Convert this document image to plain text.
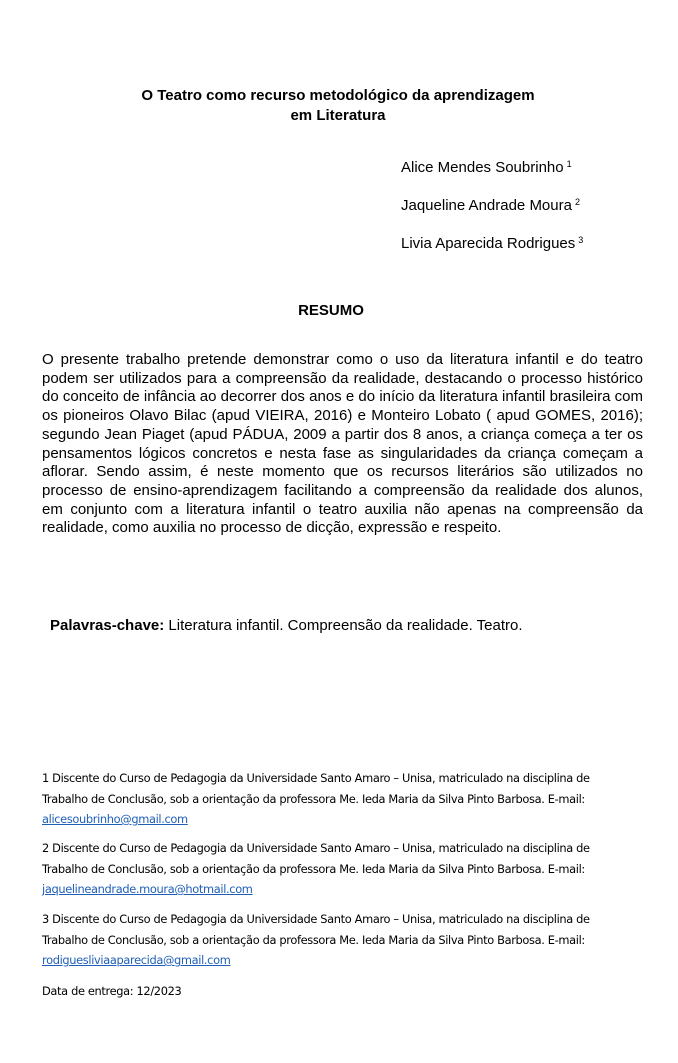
O Teatro como recurso metodológico da aprendizagem
em Literatura
Alice Mendes Soubrinho $^1$
Jaqueline Andrade Moura $^2$
Livia Aparecida Rodrigues $^3$
RESUMO

O presente trabalho pretende demonstrar como o uso da literatura infantil e do teatro podem ser utilizados para a compreensão da realidade, destacando o processo histórico do conceito de infância ao decorrer dos anos e do início da literatura infantil brasileira com os pioneiros Olavo Bilac (apud VIEIRA, 2016) e Monteiro Lobato ( apud GOMES, 2016); segundo Jean Piaget (apud PÁDUA, 2009 a partir dos 8 anos, a criança começa a ter os pensamentos lógicos concretos e nesta fase as singularidades da criança começam a aflorar. Sendo assim, é neste momento que os recursos literários são utilizados no processo de ensino-aprendizagem facilitando a compreensão da realidade dos alunos, em conjunto com a literatura infantil o teatro auxilia não apenas na compreensão da realidade, como auxilia no processo de dicção, expressão e respeito.

Palavras-chave: Literatura infantil. Compreensão da realidade. Teatro.

1 Discente do Curso de Pedagogia da Universidade Santo Amaro – Unisa, matriculado na disciplina de Trabalho de Conclusão, sob a orientação da professora Me. Ieda Maria da Silva Pinto Barbosa. E-mail: alicesoubrinho@gmail.com

2 Discente do Curso de Pedagogia da Universidade Santo Amaro – Unisa, matriculado na disciplina de Trabalho de Conclusão, sob a orientação da professora Me. Ieda Maria da Silva Pinto Barbosa. E-mail: jaquelineandrade.moura@hotmail.com

3 Discente do Curso de Pedagogia da Universidade Santo Amaro – Unisa, matriculado na disciplina de Trabalho de Conclusão, sob a orientação da professora Me. Ieda Maria da Silva Pinto Barbosa. E-mail: rodiguesliviaaparecida@gmail.com

Data de entrega: 12/2023
